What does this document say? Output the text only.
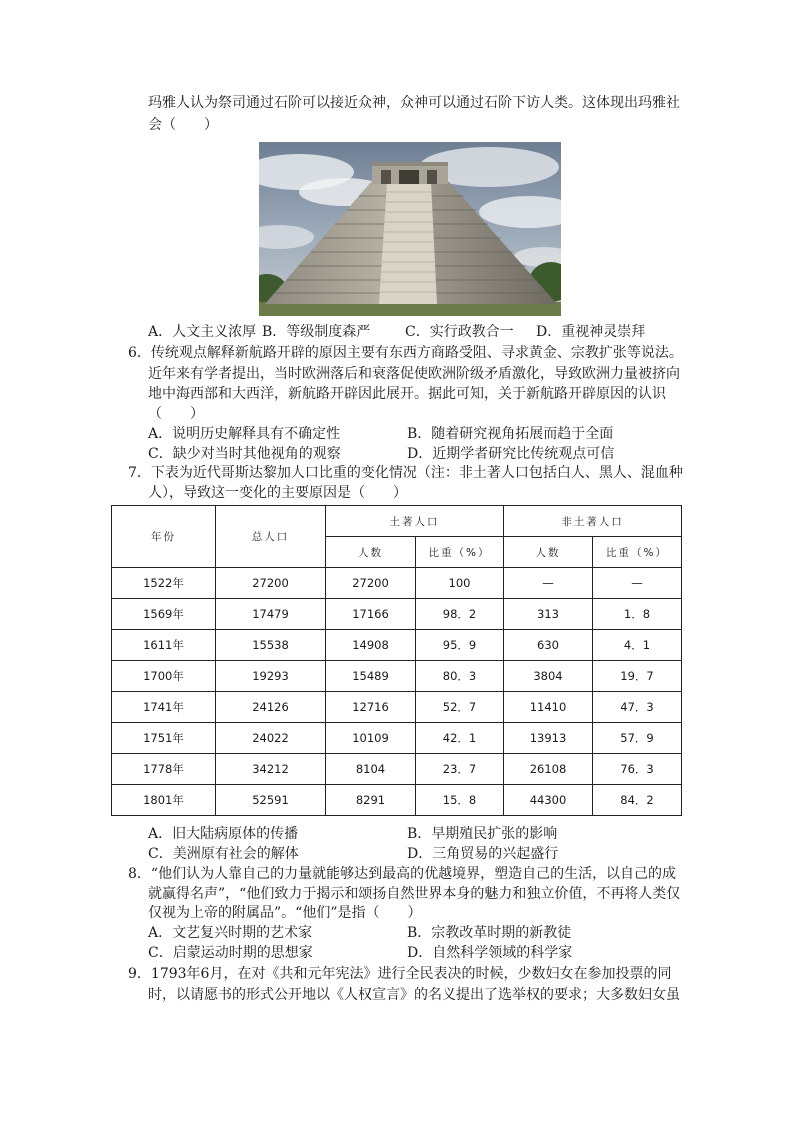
玛雅人认为祭司通过石阶可以接近众神，众神可以通过石阶下访人类。这体现出玛雅社
会（　　）
A．人文主义浓厚 B．等级制度森严 C．实行政教合一 D．重视神灵崇拜
6．传统观点解释新航路开辟的原因主要有东西方商路受阻、寻求黄金、宗教扩张等说法。
近年来有学者提出，当时欧洲落后和衰落促使欧洲阶级矛盾激化，导致欧洲力量被挤向
地中海西部和大西洋，新航路开辟因此展开。据此可知，关于新航路开辟原因的认识
（　　）
A．说明历史解释具有不确定性	B．随着研究视角拓展而趋于全面
C．缺少对当时其他视角的观察	D．近期学者研究比传统观点可信
7．下表为近代哥斯达黎加人口比重的变化情况（注：非土著人口包括白人、黑人、混血种
人），导致这一变化的主要原因是（　　）
年份	总人口	土著人口		非土著人口	
		人数	比重（%）	人数	比重（%）
1522年	27200	27200	100	—	—
1569年	17479	17166	98．2	313	1．8
1611年	15538	14908	95．9	630	4．1
1700年	19293	15489	80．3	3804	19．7
1741年	24126	12716	52．7	11410	47．3
1751年	24022	10109	42．1	13913	57．9
1778年	34212	8104	23．7	26108	76．3
1801年	52591	8291	15．8	44300	84．2
A．旧大陆病原体的传播	B．早期殖民扩张的影响
C．美洲原有社会的解体	D．三角贸易的兴起盛行
8．“他们认为人靠自己的力量就能够达到最高的优越境界，塑造自己的生活，以自己的成
就赢得名声”，“他们致力于揭示和颂扬自然世界本身的魅力和独立价值，不再将人类仅
仅视为上帝的附属品”。“他们”是指（　　）
A．文艺复兴时期的艺术家	B．宗教改革时期的新教徒
C．启蒙运动时期的思想家	D．自然科学领域的科学家
9．1793年6月，在对《共和元年宪法》进行全民表决的时候，少数妇女在参加投票的同
时，以请愿书的形式公开地以《人权宣言》的名义提出了选举权的要求；大多数妇女虽
